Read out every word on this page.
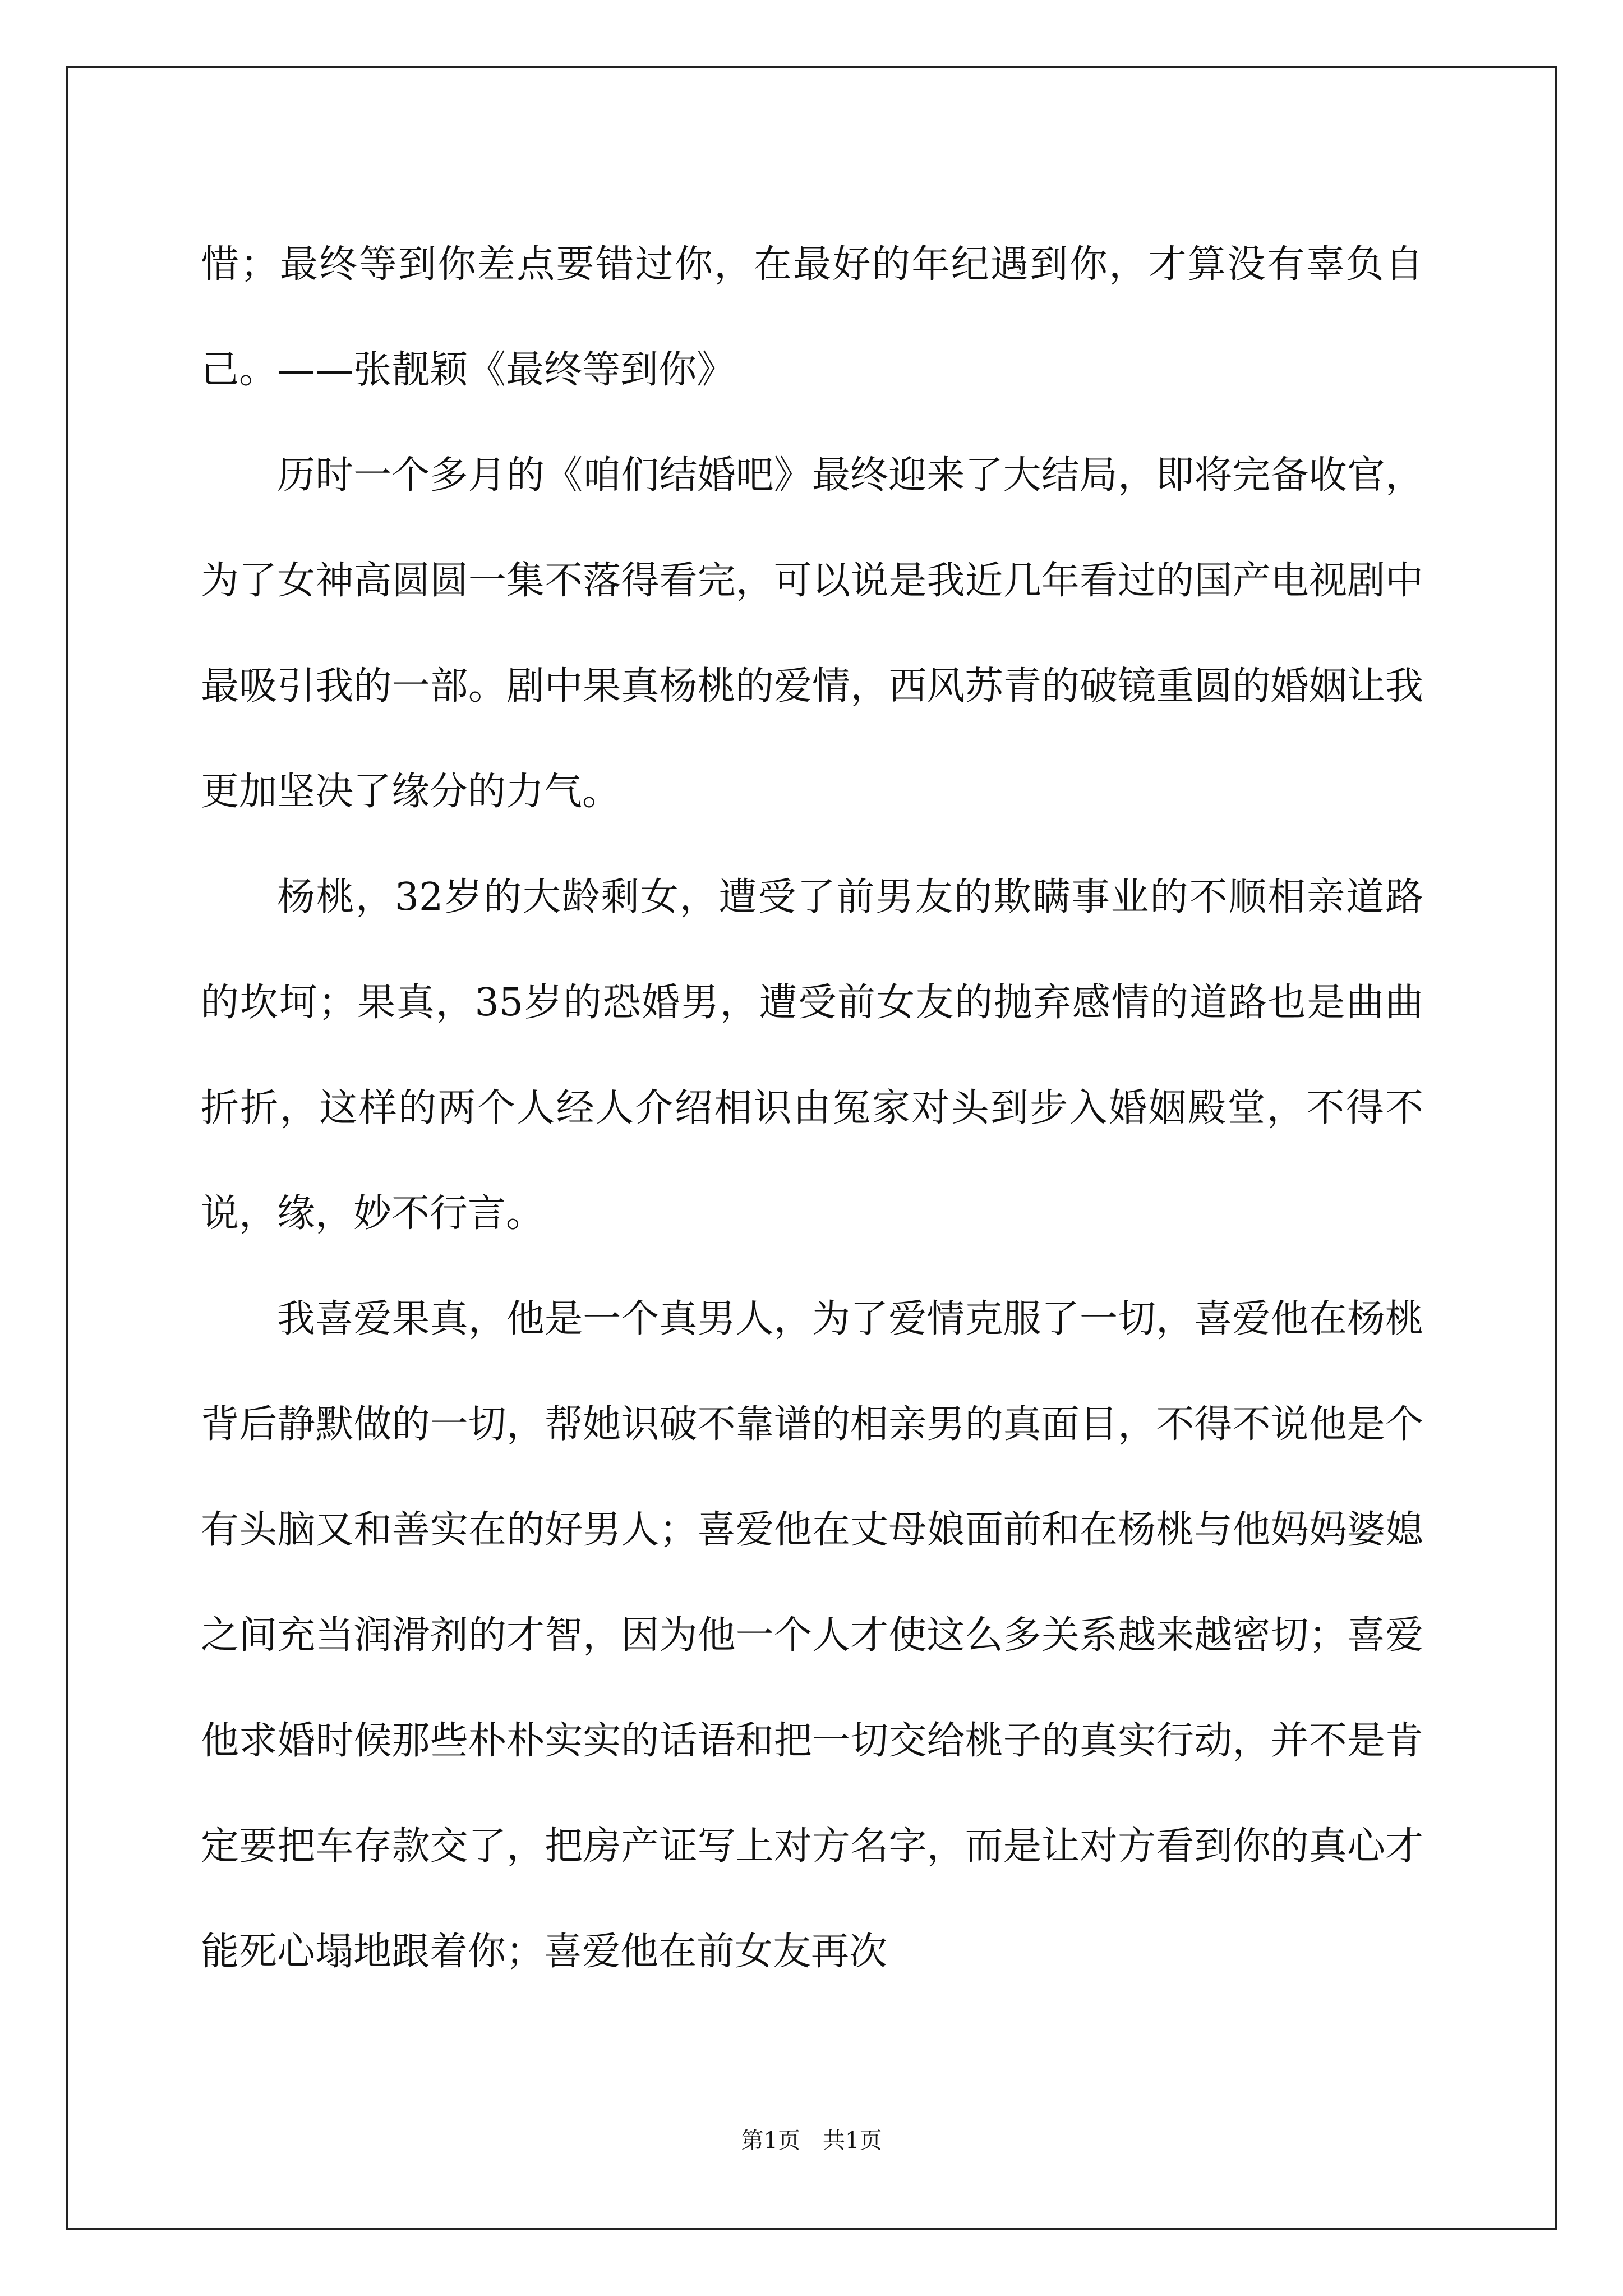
惜；最终等到你差点要错过你，在最好的年纪遇到你，才算没有辜负自己。——张靓颖《最终等到你》

历时一个多月的《咱们结婚吧》最终迎来了大结局，即将完备收官，为了女神高圆圆一集不落得看完，可以说是我近几年看过的国产电视剧中最吸引我的一部。剧中果真杨桃的爱情，西风苏青的破镜重圆的婚姻让我更加坚决了缘分的力气。

杨桃，32岁的大龄剩女，遭受了前男友的欺瞒事业的不顺相亲道路的坎坷；果真，35岁的恐婚男，遭受前女友的抛弃感情的道路也是曲曲折折，这样的两个人经人介绍相识由冤家对头到步入婚姻殿堂，不得不说，缘，妙不行言。

我喜爱果真，他是一个真男人，为了爱情克服了一切，喜爱他在杨桃背后静默做的一切，帮她识破不靠谱的相亲男的真面目，不得不说他是个有头脑又和善实在的好男人；喜爱他在丈母娘面前和在杨桃与他妈妈婆媳之间充当润滑剂的才智，因为他一个人才使这么多关系越来越密切；喜爱他求婚时候那些朴朴实实的话语和把一切交给桃子的真实行动，并不是肯定要把车存款交了，把房产证写上对方名字，而是让对方看到你的真心才能死心塌地跟着你；喜爱他在前女友再次

第1页　共1页
